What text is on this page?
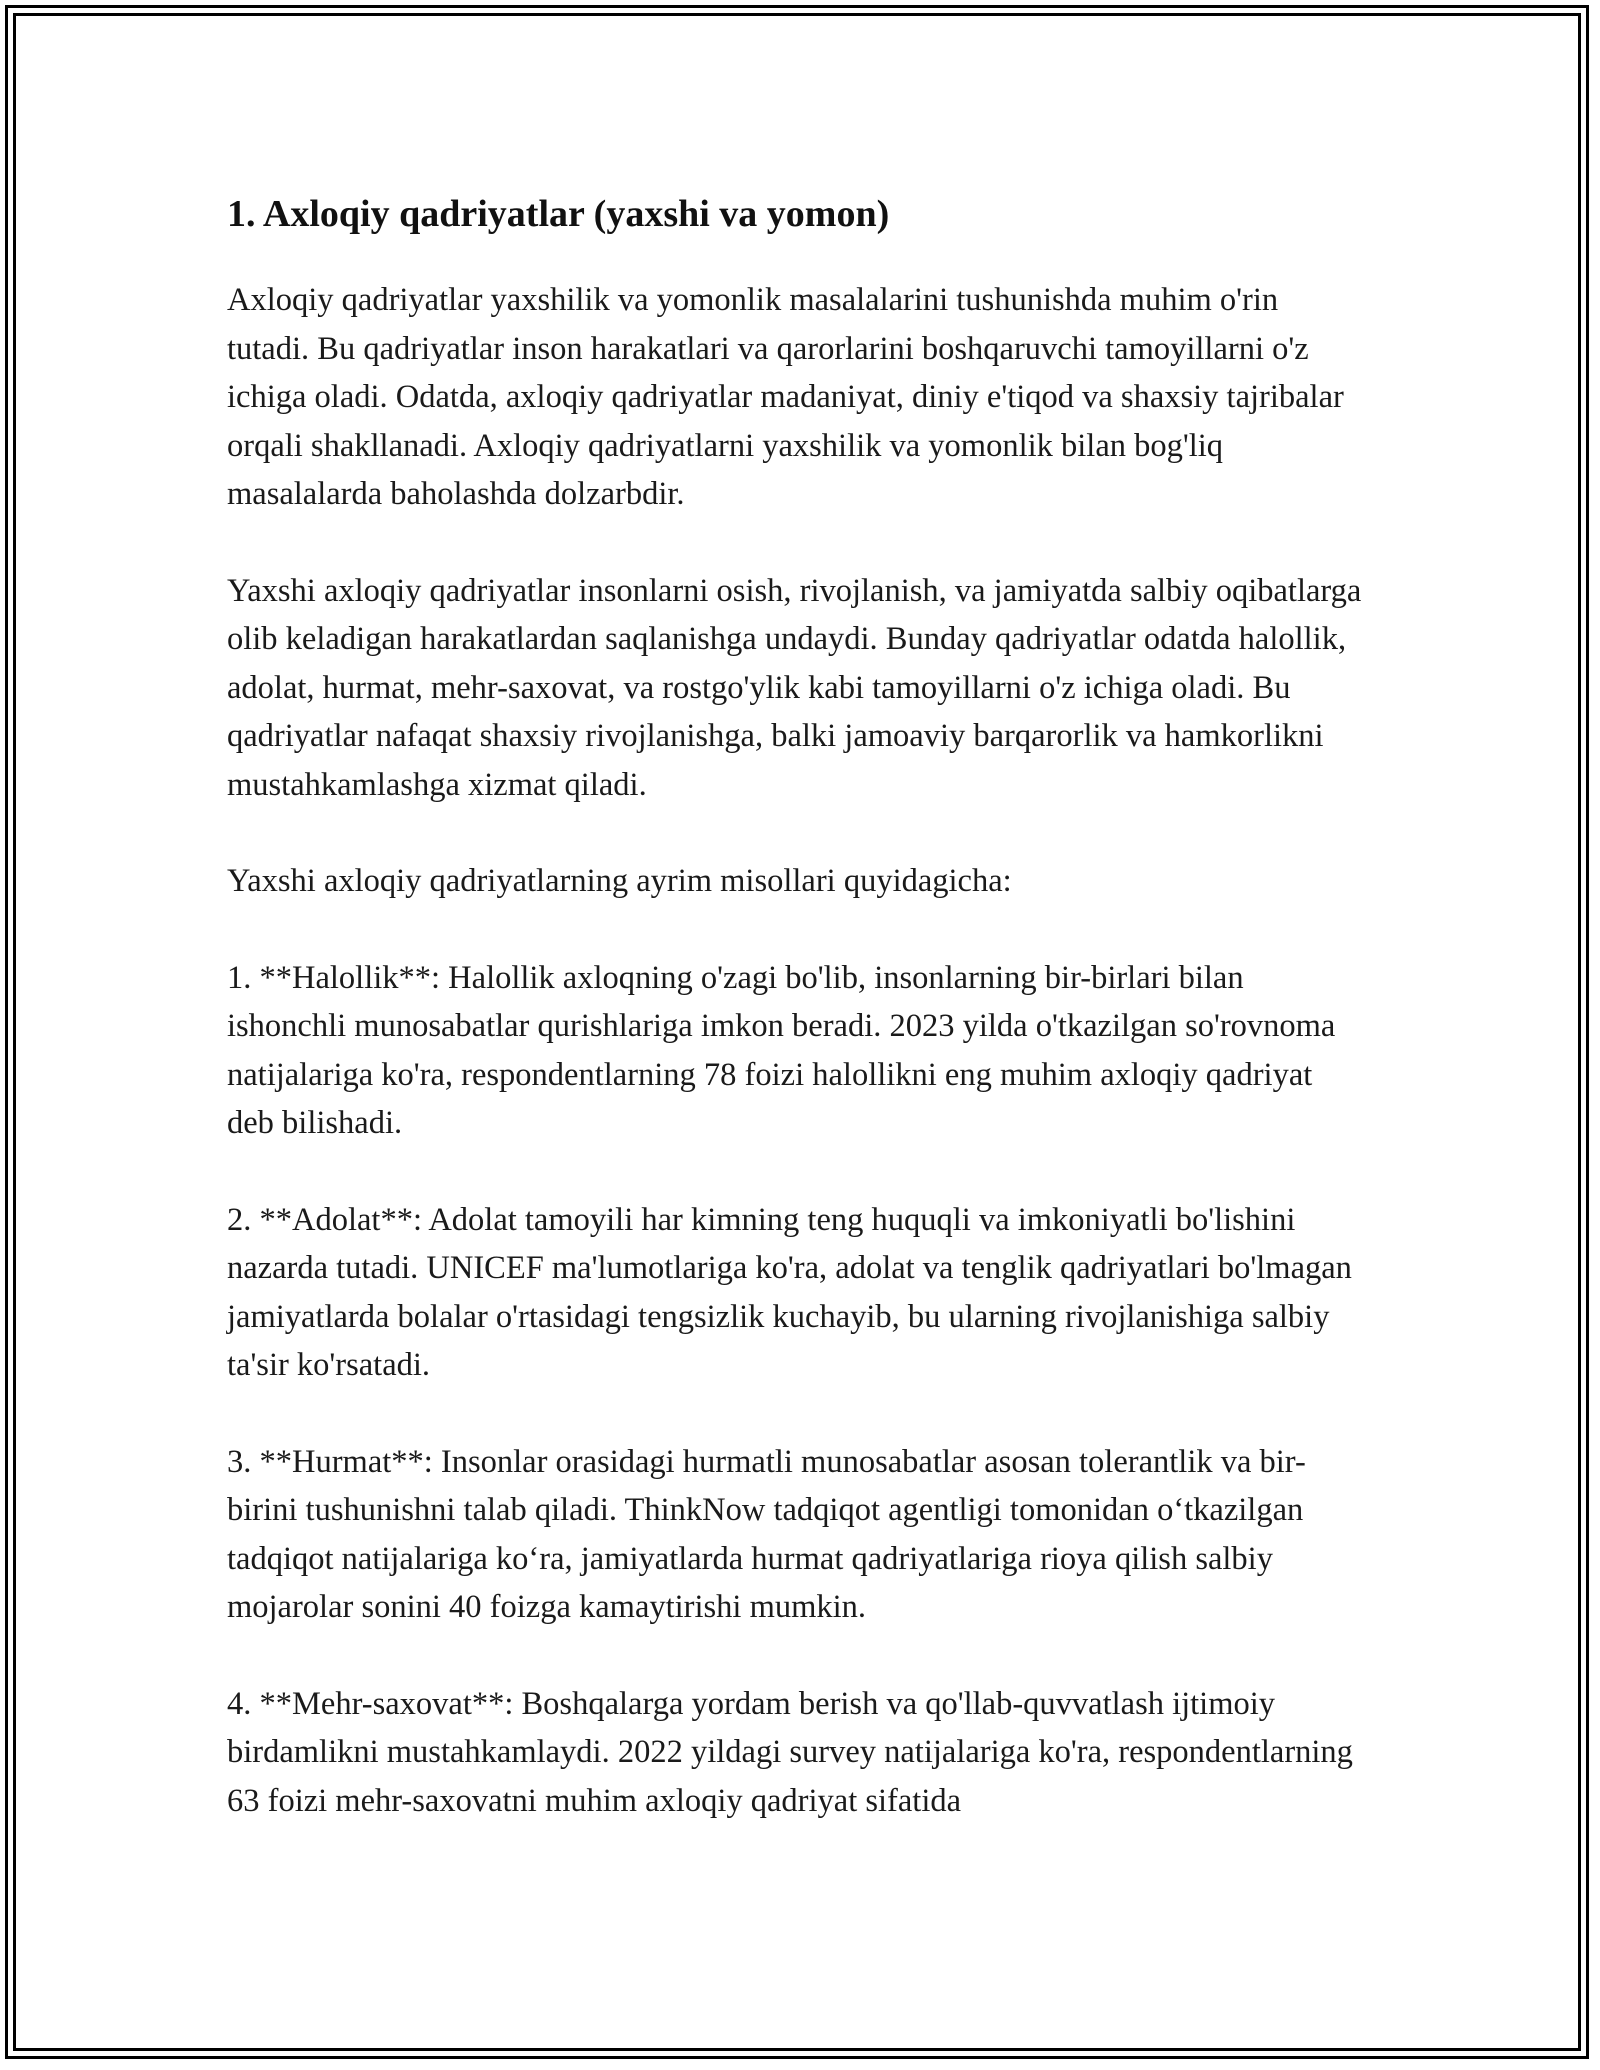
1. Axloqiy qadriyatlar (yaxshi va yomon)

Axloqiy qadriyatlar yaxshilik va yomonlik masalalarini tushunishda muhim o'rin tutadi. Bu qadriyatlar inson harakatlari va qarorlarini boshqaruvchi tamoyillarni o'z ichiga oladi. Odatda, axloqiy qadriyatlar madaniyat, diniy e'tiqod va shaxsiy tajribalar orqali shakllanadi. Axloqiy qadriyatlarni yaxshilik va yomonlik bilan bog'liq masalalarda baholashda dolzarbdir.

Yaxshi axloqiy qadriyatlar insonlarni osish, rivojlanish, va jamiyatda salbiy oqibatlarga olib keladigan harakatlardan saqlanishga undaydi. Bunday qadriyatlar odatda halollik, adolat, hurmat, mehr-saxovat, va rostgo'ylik kabi tamoyillarni o'z ichiga oladi. Bu qadriyatlar nafaqat shaxsiy rivojlanishga, balki jamoaviy barqarorlik va hamkorlikni mustahkamlashga xizmat qiladi.

Yaxshi axloqiy qadriyatlarning ayrim misollari quyidagicha:

1. **Halollik**: Halollik axloqning o'zagi bo'lib, insonlarning bir-birlari bilan ishonchli munosabatlar qurishlariga imkon beradi. 2023 yilda o'tkazilgan so'rovnoma natijalariga ko'ra, respondentlarning 78 foizi halollikni eng muhim axloqiy qadriyat deb bilishadi.

2. **Adolat**: Adolat tamoyili har kimning teng huquqli va imkoniyatli bo'lishini nazarda tutadi. UNICEF ma'lumotlariga ko'ra, adolat va tenglik qadriyatlari bo'lmagan jamiyatlarda bolalar o'rtasidagi tengsizlik kuchayib, bu ularning rivojlanishiga salbiy ta'sir ko'rsatadi.

3. **Hurmat**: Insonlar orasidagi hurmatli munosabatlar asosan tolerantlik va bir-birini tushunishni talab qiladi. ThinkNow tadqiqot agentligi tomonidan o‘tkazilgan tadqiqot natijalariga ko‘ra, jamiyatlarda hurmat qadriyatlariga rioya qilish salbiy mojarolar sonini 40 foizga kamaytirishi mumkin.

4. **Mehr-saxovat**: Boshqalarga yordam berish va qo'llab-quvvatlash ijtimoiy birdamlikni mustahkamlaydi. 2022 yildagi survey natijalariga ko'ra, respondentlarning 63 foizi mehr-saxovatni muhim axloqiy qadriyat sifatida
